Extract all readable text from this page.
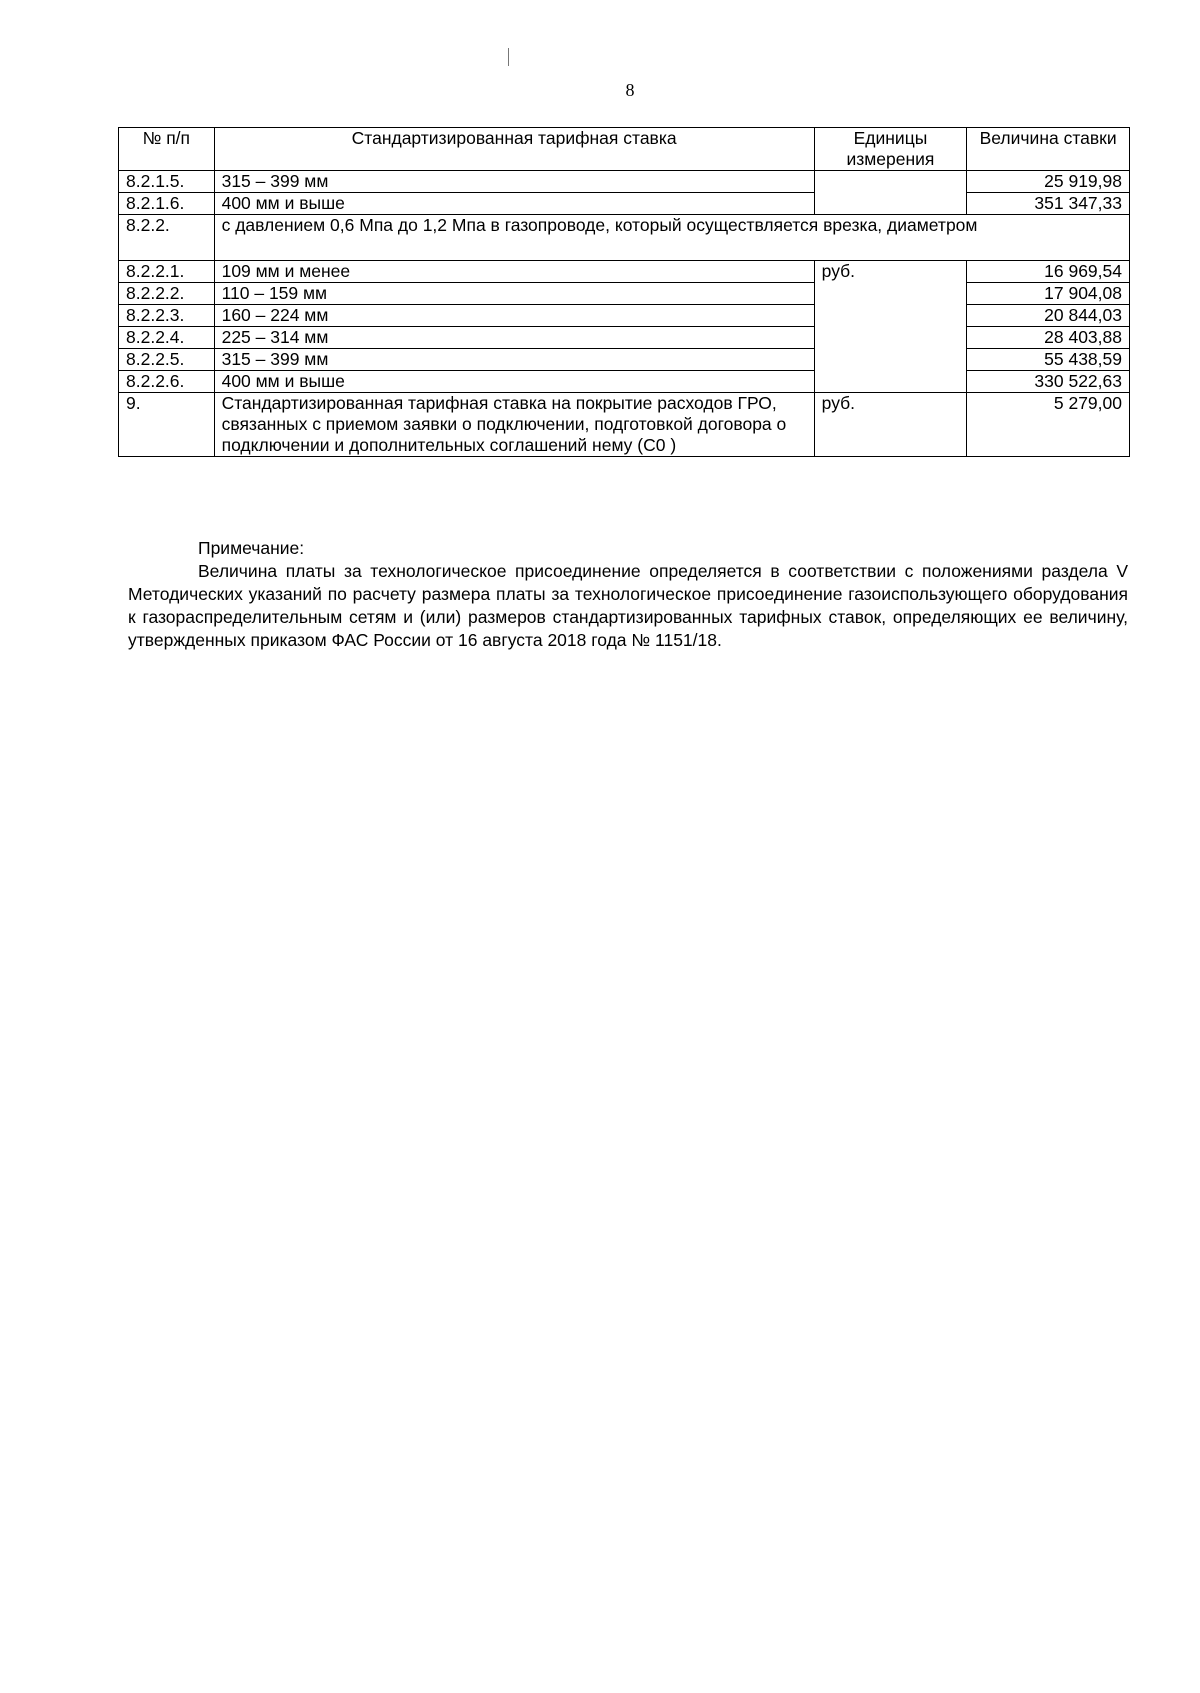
8
№ п/п	Стандартизированная тарифная ставка	Единицы измерения	Величина ставки
8.2.1.5.	315 – 399 мм		25 919,98
8.2.1.6.	400 мм и выше		351 347,33
8.2.2.	с давлением 0,6 Мпа до 1,2 Мпа в газопроводе, который осуществляется врезка, диаметром		
8.2.2.1.	109 мм и менее	руб.	16 969,54
8.2.2.2.	110 – 159 мм		17 904,08
8.2.2.3.	160 – 224 мм		20 844,03
8.2.2.4.	225 – 314 мм		28 403,88
8.2.2.5.	315 – 399 мм		55 438,59
8.2.2.6.	400 мм и выше		330 522,63
9.	Стандартизированная тарифная ставка на покрытие расходов ГРО, связанных с приемом заявки о подключении, подготовкой договора о подключении и дополнительных соглашений нему (С0 )	руб.	5 279,00
Примечание:
Величина платы за технологическое присоединение определяется в соответствии с положениями раздела V Методических указаний по расчету размера платы за технологическое присоединение газоиспользующего оборудования к газораспределительным сетям и (или) размеров стандартизированных тарифных ставок, определяющих ее величину, утвержденных приказом ФАС России от 16 августа 2018 года № 1151/18.
